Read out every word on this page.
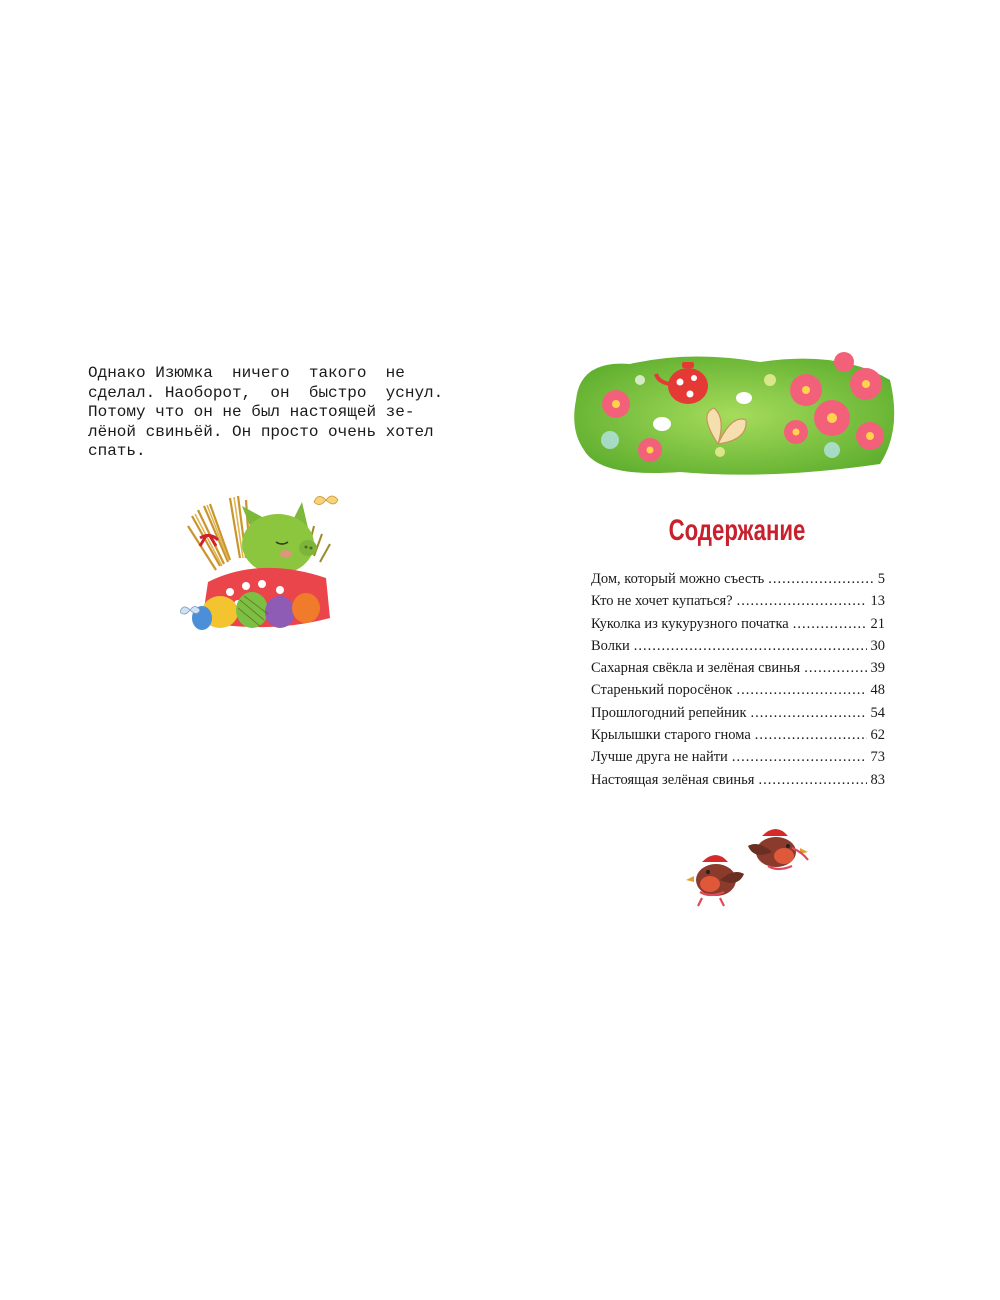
Однако Изюмка  ничего  такого  не
сделал. Наоборот,  он  быстро  уснул.
Потому что он не был настоящей зе-
лёной свиньёй. Он просто очень хотел
спать.

Содержание
Дом, который можно съесть .....	5
Кто не хочет купаться? .....	13
Куколка из кукурузного початка .....	21
Волки .....	30
Сахарная свёкла и зелёная свинья .....	39
Старенький поросёнок .....	48
Прошлогодний репейник .....	54
Крылышки старого гнома .....	62
Лучше друга не найти .....	73
Настоящая зелёная свинья .....	83
